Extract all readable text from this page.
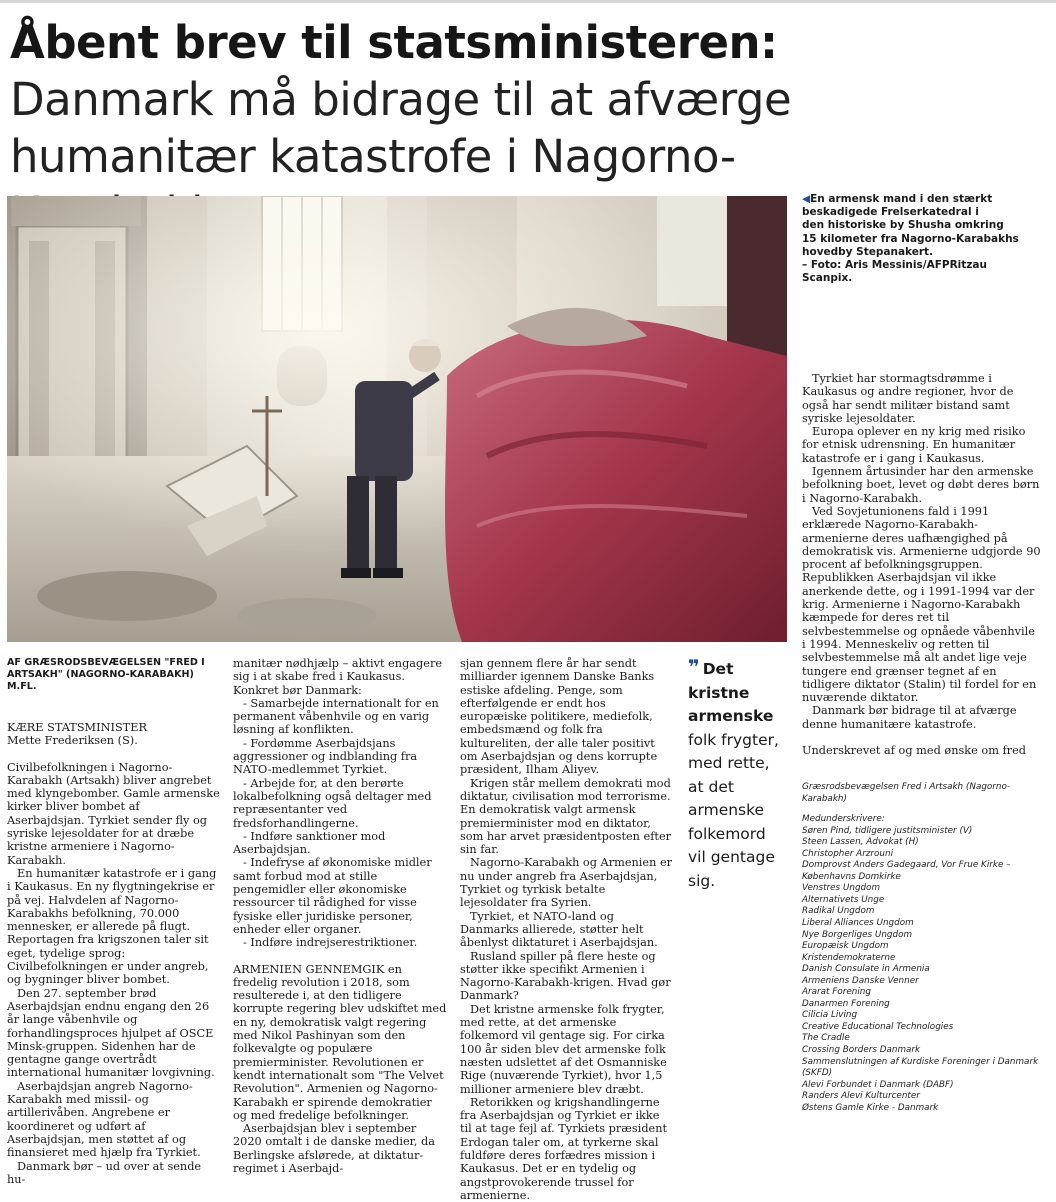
Åbent brev til statsministeren: Danmark må bidrage til at afværge humanitær katastrofe i Nagorno-
◀En armensk mand i den stærkt
beskadigede Frelserkatedral i
den historiske by Shusha omkring
15 kilometer fra Nagorno-Karabakhs
hovedby Stepanakert.
– Foto: Aris Messinis/AFPRitzau
Scanpix.

AF GRÆSRODSBEVÆGELSEN "FRED I ARTSAKH" (NAGORNO-KARABAKH) M.FL.

KÆRE STATSMINISTER

Mette Frederiksen (S).

Civilbefolkningen i Nagorno-Karabakh (Artsakh) bliver angrebet med klyngebomber. Gamle armenske kirker bliver bombet af Aserbajdsjan. Tyrkiet sender fly og syriske lejesoldater for at dræbe kristne armeniere i Nagorno-Karabakh.

En humanitær katastrofe er i gang i Kaukasus. En ny flygtningekrise er på vej. Halvdelen af Nagorno-Karabakhs befolkning, 70.000 mennesker, er allerede på flugt. Reportagen fra krigszonen taler sit eget, tydelige sprog: Civilbefolkningen er under angreb, og bygninger bliver bombet.

Den 27. september brød Aserbajdsjan endnu engang den 26 år lange våbenhvile og forhandlingsproces hjulpet af OSCE Minsk-gruppen. Sidenhen har de gentagne gange overtrådt international humanitær lovgivning.

Aserbajdsjan angreb Nagorno-Karabakh med missil- og artillerivåben. Angrebene er koordineret og udført af Aserbajdsjan, men støttet af og finansieret med hjælp fra Tyrkiet.

Danmark bør – ud over at sende hu-

manitær nødhjælp – aktivt engagere sig i at skabe fred i Kaukasus. Konkret bør Danmark:

- Samarbejde internationalt for en permanent våbenhvile og en varig løsning af konflikten.

- Fordømme Aserbajdsjans aggressioner og indblanding fra NATO-medlemmet Tyrkiet.

- Arbejde for, at den berørte lokalbefolkning også deltager med repræsentanter ved fredsforhandlingerne.

- Indføre sanktioner mod Aserbajdsjan.

- Indefryse af økonomiske midler samt forbud mod at stille pengemidler eller økonomiske ressourcer til rådighed for visse fysiske eller juridiske personer, enheder eller organer.

- Indføre indrejserestriktioner.

ARMENIEN GENNEMGIK en fredelig revolution i 2018, som resulterede i, at den tidligere korrupte regering blev udskiftet med en ny, demokratisk valgt regering med Nikol Pashinyan som den folkevalgte og populære premierminister. Revolutionen er kendt internationalt som "The Velvet Revolution". Armenien og Nagorno-Karabakh er spirende demokratier og med fredelige befolkninger.

Aserbajdsjan blev i september 2020 omtalt i de danske medier, da Berlingske afslørede, at diktatur-regimet i Aserbajd-

sjan gennem flere år har sendt milliarder igennem Danske Banks estiske afdeling. Penge, som efterfølgende er endt hos europæiske politikere, mediefolk, embedsmænd og folk fra kultureliten, der alle taler positivt om Aserbajdsjan og dens korrupte præsident, Ilham Aliyev.

Krigen står mellem demokrati mod diktatur, civilisation mod terrorisme. En demokratisk valgt armensk premierminister mod en diktator, som har arvet præsidentposten efter sin far.

Nagorno-Karabakh og Armenien er nu under angreb fra Aserbajdsjan, Tyrkiet og tyrkisk betalte lejesoldater fra Syrien.

Tyrkiet, et NATO-land og Danmarks allierede, støtter helt åbenlyst diktaturet i Aserbajdsjan.

Rusland spiller på flere heste og støtter ikke specifikt Armenien i Nagorno-Karabakh-krigen. Hvad gør Danmark?

Det kristne armenske folk frygter, med rette, at det armenske folkemord vil gentage sig. For cirka 100 år siden blev det armenske folk næsten udslettet af det Osmanniske Rige (nuværende Tyrkiet), hvor 1,5 millioner armeniere blev dræbt.

Retorikken og krigshandlingerne fra Aserbajdsjan og Tyrkiet er ikke til at tage fejl af. Tyrkiets præsident Erdogan taler om, at tyrkerne skal fuldføre deres forfædres mission i Kaukasus. Det er en tydelig og angstprovokerende trussel for armenierne.

❞ Det kristne armenske folk frygter, med rette, at det armenske folkemord vil gentage sig.

Tyrkiet har stormagtsdrømme i Kaukasus og andre regioner, hvor de også har sendt militær bistand samt syriske lejesoldater.

Europa oplever en ny krig med risiko for etnisk udrensning. En humanitær katastrofe er i gang i Kaukasus.

Igennem årtusinder har den armenske befolkning boet, levet og døbt deres børn i Nagorno-Karabakh.

Ved Sovjetunionens fald i 1991 erklærede Nagorno-Karabakh-armenierne deres uafhængighed på demokratisk vis. Armenierne udgjorde 90 procent af befolkningsgruppen. Republikken Aserbajdsjan vil ikke anerkende dette, og i 1991-1994 var der krig. Armenierne i Nagorno-Karabakh kæmpede for deres ret til selvbestemmelse og opnåede våbenhvile i 1994. Menneskeliv og retten til selvbestemmelse må alt andet lige veje tungere end grænser tegnet af en tidligere diktator (Stalin) til fordel for en nuværende diktator.

Danmark bør bidrage til at afværge denne humanitære katastrofe.

Underskrevet af og med ønske om fred

Græsrodsbevægelsen Fred i Artsakh (Nagorno-Karabakh)
Medunderskrivere:
Søren Pind, tidligere justitsminister (V)
Steen Lassen, Advokat (H)
Christopher Arzrouni
Domprovst Anders Gadegaard, Vor Frue Kirke – Københavns Domkirke
Venstres Ungdom
Alternativets Unge
Radikal Ungdom
Liberal Alliances Ungdom
Nye Borgerliges Ungdom
Europæisk Ungdom
Kristendemokraterne
Danish Consulate in Armenia
Armeniens Danske Venner
Ararat Forening
Danarmen Forening
Cilicia Living
Creative Educational Technologies
The Cradle
Crossing Borders Danmark
Sammenslutningen af Kurdiske Foreninger i Danmark (SKFD)
Alevi Forbundet i Danmark (DABF)
Randers Alevi Kulturcenter
Østens Gamle Kirke - Danmark
